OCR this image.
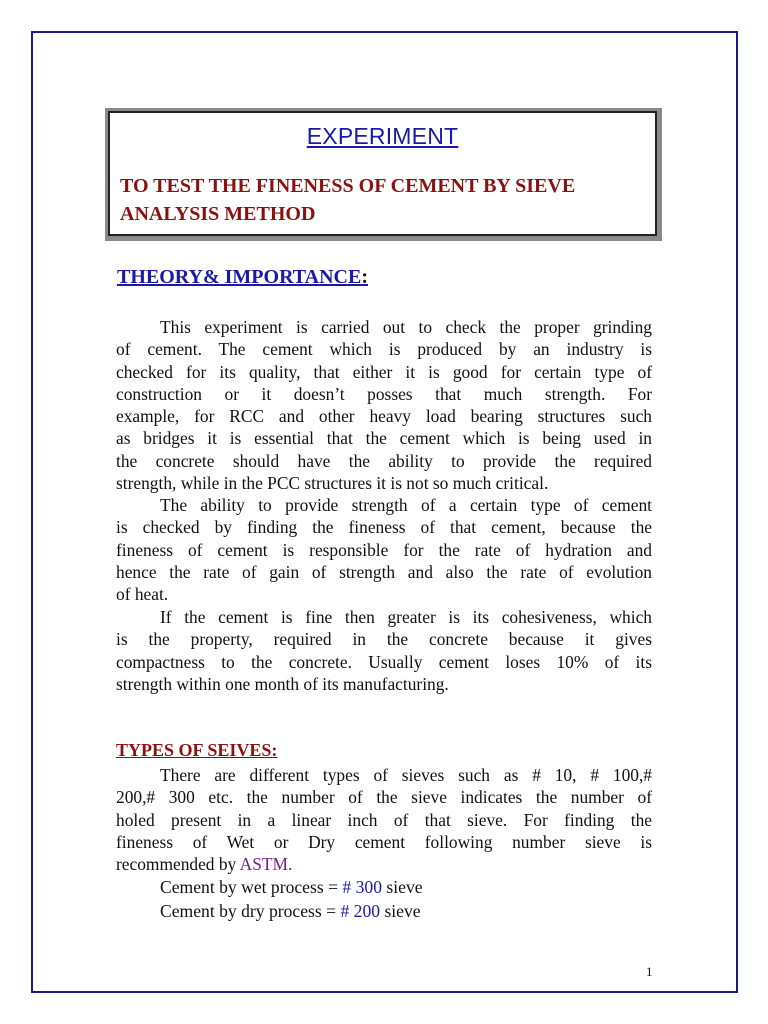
EXPERIMENT
TO TEST THE FINENESS OF CEMENT BY SIEVE
ANALYSIS METHOD
THEORY& IMPORTANCE:
This experiment is carried out to check the proper grinding
of cement. The cement which is produced by an industry is
checked for its quality, that either it is good for certain type of
construction or it doesn’t posses that much strength. For
example, for RCC and other heavy load bearing structures such
as bridges it is essential that the cement which is being used in
the concrete should have the ability to provide the required
strength, while in the PCC structures it is not so much critical.
The ability to provide strength of a certain type of cement
is checked by finding the fineness of that cement, because the
fineness of cement is responsible for the rate of hydration and
hence the rate of gain of strength and also the rate of evolution
of heat.
If the cement is fine then greater is its cohesiveness, which
is the property, required in the concrete because it gives
compactness to the concrete. Usually cement loses 10% of its
strength within one month of its manufacturing.
TYPES OF SEIVES:
There are different types of sieves such as # 10, # 100,#
200,# 300 etc. the number of the sieve indicates the number of
holed present in a linear inch of that sieve. For finding the
fineness of Wet or Dry cement following number sieve is
recommended by ASTM.
Cement by wet process = # 300 sieve
Cement by dry process = # 200 sieve
1
